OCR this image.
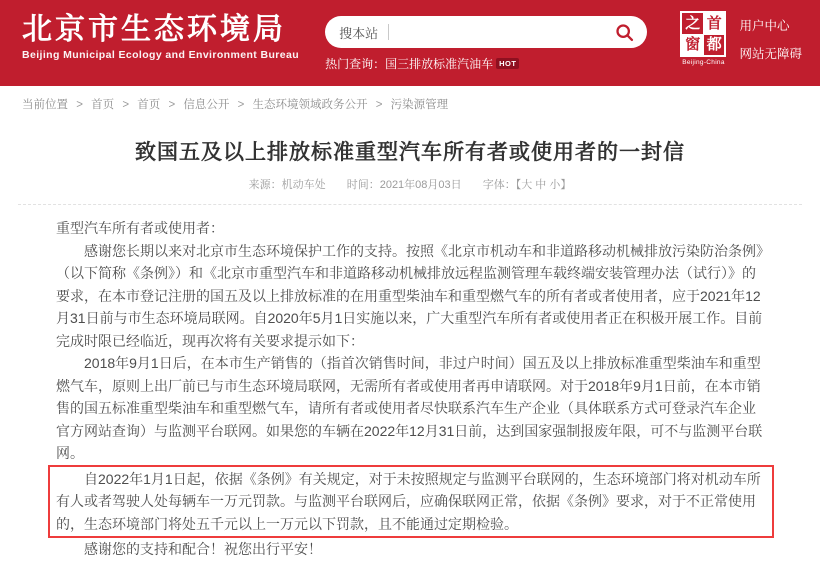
北京市生态环境局
Beijing Municipal Ecology and Environment Bureau
搜本站
热门查询： 国三排放标准汽油车 HOT
之 首
窗 都
Beijing-China
用户中心
网站无障碍
当前位置 > 首页 > 首页 > 信息公开 > 生态环境领域政务公开 > 污染源管理
致国五及以上排放标准重型汽车所有者或使用者的一封信
来源：机动车处 时间：2021年08月03日 字体：【大 中 小】

重型汽车所有者或使用者：

感谢您长期以来对北京市生态环境保护工作的支持。按照《北京市机动车和非道路移动机械排放污染防治条例》（以下简称《条例》）和《北京市重型汽车和非道路移动机械排放远程监测管理车载终端安装管理办法（试行）》的要求，在本市登记注册的国五及以上排放标准的在用重型柴油车和重型燃气车的所有者或者使用者，应于2021年12月31日前与市生态环境局联网。自2020年5月1日实施以来，广大重型汽车所有者或使用者正在积极开展工作。目前完成时限已经临近，现再次将有关要求提示如下：

2018年9月1日后，在本市生产销售的（指首次销售时间，非过户时间）国五及以上排放标准重型柴油车和重型燃气车，原则上出厂前已与市生态环境局联网，无需所有者或使用者再申请联网。对于2018年9月1日前，在本市销售的国五标准重型柴油车和重型燃气车，请所有者或使用者尽快联系汽车生产企业（具体联系方式可登录汽车企业官方网站查询）与监测平台联网。如果您的车辆在2022年12月31日前，达到国家强制报废年限，可不与监测平台联网。

自2022年1月1日起，依据《条例》有关规定，对于未按照规定与监测平台联网的，生态环境部门将对机动车所有人或者驾驶人处每辆车一万元罚款。与监测平台联网后，应确保联网正常，依据《条例》要求，对于不正常使用的，生态环境部门将处五千元以上一万元以下罚款，且不能通过定期检验。

感谢您的支持和配合！祝您出行平安！
